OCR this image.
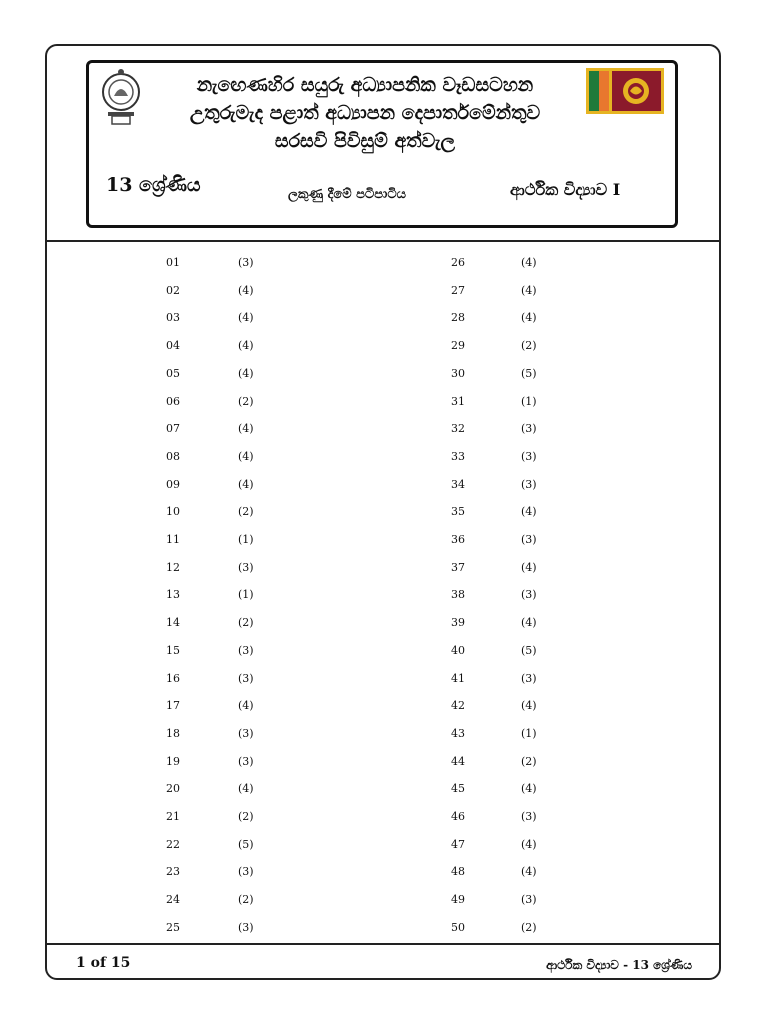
නැඟෙණහිර සයුරු අධ්‍යාපනික වෑඩසටහන
උතුරුමැද පළාත් අධ්‍යාපන දෙපාර්තමේන්තුව
සරසවි පිවිසුම් අත්වැල
13 ශ්‍රේණිය	ලකුණු දීමේ පටිපාටිය	ආර්ථික විද්‍යාව I
01	(3)
02	(4)
03	(4)
04	(4)
05	(4)
06	(2)
07	(4)
08	(4)
09	(4)
10	(2)
11	(1)
12	(3)
13	(1)
14	(2)
15	(3)
16	(3)
17	(4)
18	(3)
19	(3)
20	(4)
21	(2)
22	(5)
23	(3)
24	(2)
25	(3)
26	(4)
27	(4)
28	(4)
29	(2)
30	(5)
31	(1)
32	(3)
33	(3)
34	(3)
35	(4)
36	(3)
37	(4)
38	(3)
39	(4)
40	(5)
41	(3)
42	(4)
43	(1)
44	(2)
45	(4)
46	(3)
47	(4)
48	(4)
49	(3)
50	(2)
1 of 15	ආර්ථික විද්‍යාව - 13 ශ්‍රේණිය
